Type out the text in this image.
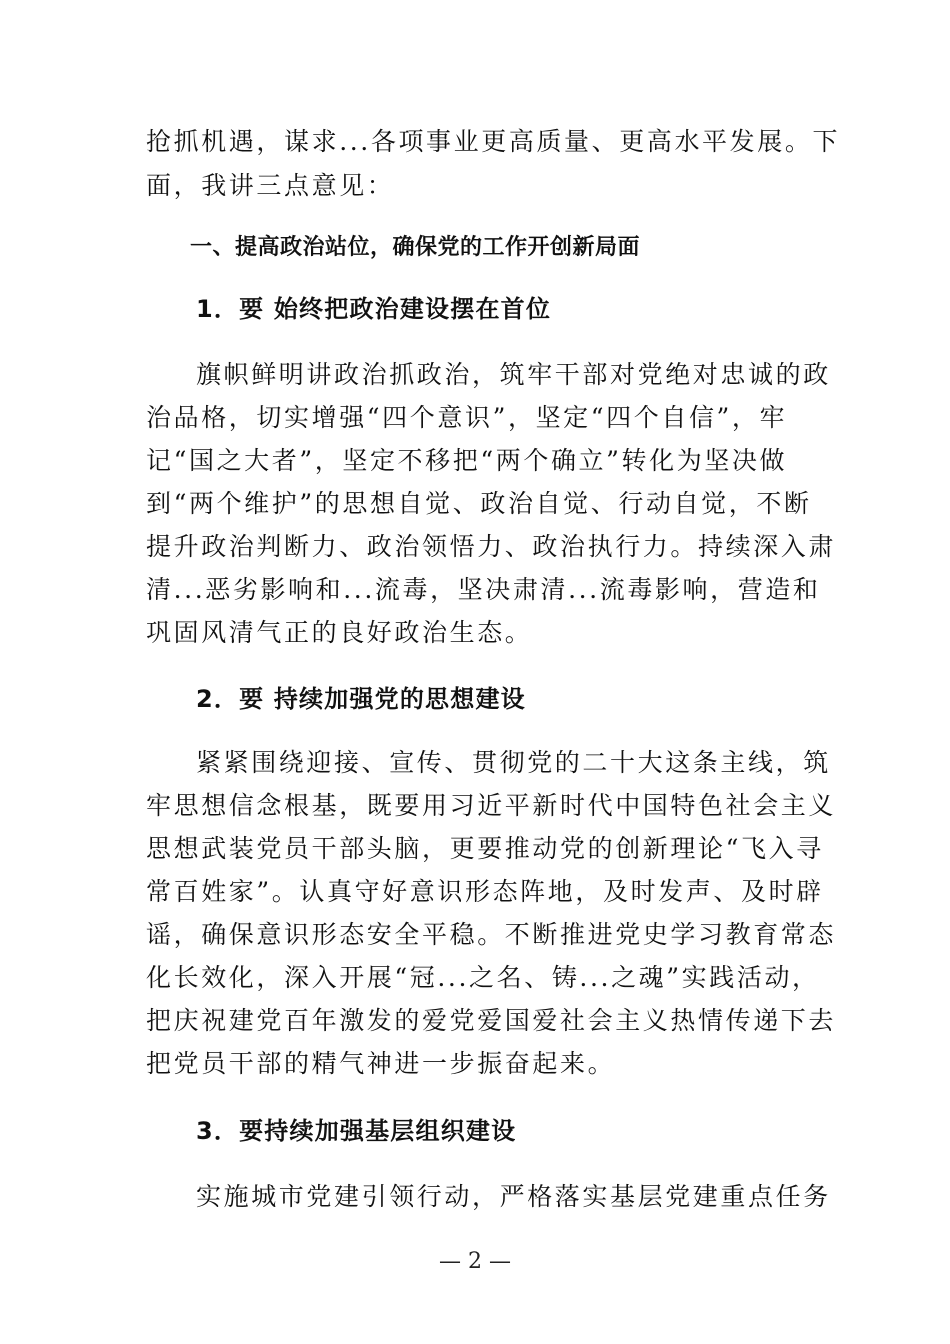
抢抓机遇，谋求...各项事业更高质量、更高水平发展。下
面，我讲三点意见：
一、提高政治站位，确保党的工作开创新局面
1．要 始终把政治建设摆在首位
旗帜鲜明讲政治抓政治，筑牢干部对党绝对忠诚的政
治品格，切实增强“四个意识”，坚定“四个自信”，牢
记“国之大者”，坚定不移把“两个确立”转化为坚决做
到“两个维护”的思想自觉、政治自觉、行动自觉，不断
提升政治判断力、政治领悟力、政治执行力。持续深入肃
清...恶劣影响和...流毒，坚决肃清...流毒影响，营造和
巩固风清气正的良好政治生态。
2．要 持续加强党的思想建设
紧紧围绕迎接、宣传、贯彻党的二十大这条主线，筑
牢思想信念根基，既要用习近平新时代中国特色社会主义
思想武装党员干部头脑，更要推动党的创新理论“飞入寻
常百姓家”。认真守好意识形态阵地，及时发声、及时辟
谣，确保意识形态安全平稳。不断推进党史学习教育常态
化长效化，深入开展“冠...之名、铸...之魂”实践活动，
把庆祝建党百年激发的爱党爱国爱社会主义热情传递下去
把党员干部的精气神进一步振奋起来。
3．要持续加强基层组织建设
实施城市党建引领行动，严格落实基层党建重点任务
— 2 —
